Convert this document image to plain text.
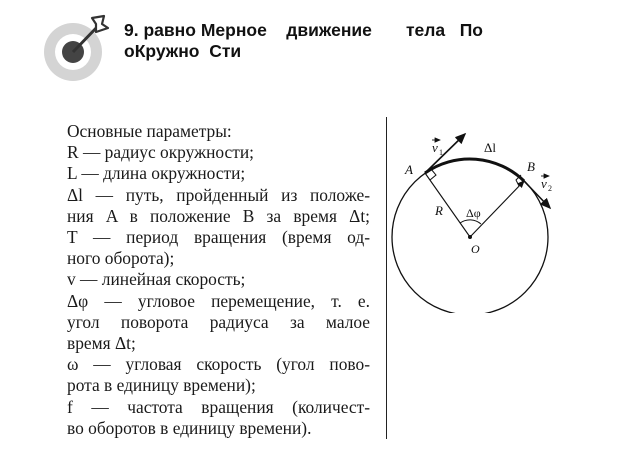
9. равно Мерное движение тела По
оКружно Сти
Основные параметры:
R — радиус окружности;
L — длина окружности;
Δl — путь, пройденный из положе-
ния A в положение B за время Δt;
T — период вращения (время од-
ного оборота);
v — линейная скорость;
Δφ — угловое перемещение, т. е.
угол поворота радиуса за малое
время Δt;
ω — угловая скорость (угол пово-
рота в единицу времени);
f — частота вращения (количест-
во оборотов в единицу времени).
A	B
O
R Δφ
Δl
v 1
v 2
